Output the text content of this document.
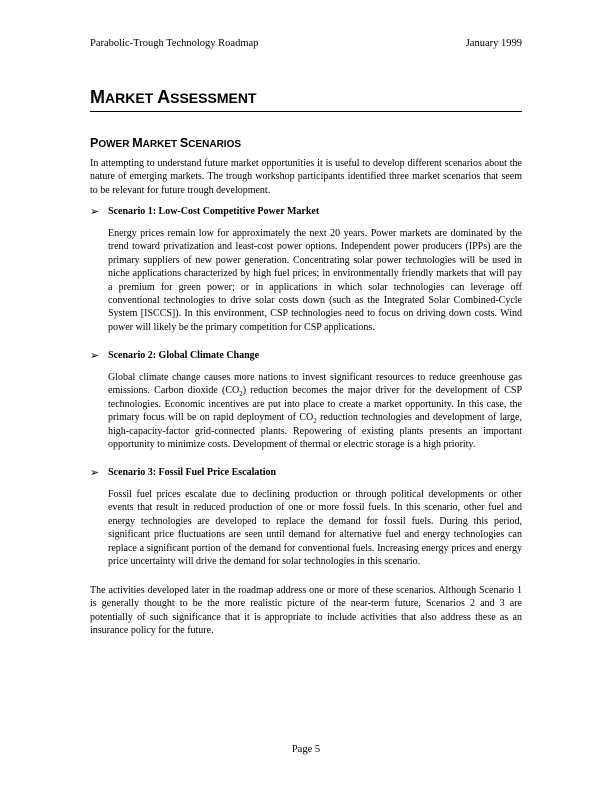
Parabolic-Trough Technology Roadmap	January 1999
MARKET ASSESSMENT
POWER MARKET SCENARIOS

In attempting to understand future market opportunities it is useful to develop different scenarios about the nature of emerging markets. The trough workshop participants identified three market scenarios that seem to be relevant for future trough development.

➢ Scenario 1: Low-Cost Competitive Power Market

Energy prices remain low for approximately the next 20 years. Power markets are dominated by the trend toward privatization and least-cost power options. Independent power producers (IPPs) are the primary suppliers of new power generation. Concentrating solar power technologies will be used in niche applications characterized by high fuel prices; in environmentally friendly markets that will pay a premium for green power; or in applications in which solar technologies can leverage off conventional technologies to drive solar costs down (such as the Integrated Solar Combined-Cycle System [ISCCS]). In this environment, CSP technologies need to focus on driving down costs. Wind power will likely be the primary competition for CSP applications.

➢ Scenario 2: Global Climate Change

Global climate change causes more nations to invest significant resources to reduce greenhouse gas emissions. Carbon dioxide $(CO_2)$ reduction becomes the major driver for the development of CSP technologies. Economic incentives are put into place to create a market opportunity. In this case, the primary focus will be on rapid deployment of $CO_2$ reduction technologies and development of large, high-capacity-factor grid-connected plants. Repowering of existing plants presents an important opportunity to minimize costs. Development of thermal or electric storage is a high priority.

➢ Scenario 3: Fossil Fuel Price Escalation

Fossil fuel prices escalate due to declining production or through political developments or other events that result in reduced production of one or more fossil fuels. In this scenario, other fuel and energy technologies are developed to replace the demand for fossil fuels. During this period, significant price fluctuations are seen until demand for alternative fuel and energy technologies can replace a significant portion of the demand for conventional fuels. Increasing energy prices and energy price uncertainty will drive the demand for solar technologies in this scenario.

The activities developed later in the roadmap address one or more of these scenarios. Although Scenario 1 is generally thought to be the more realistic picture of the near-term future, Scenarios 2 and 3 are potentially of such significance that it is appropriate to include activities that also address these as an insurance policy for the future.

Page 5
